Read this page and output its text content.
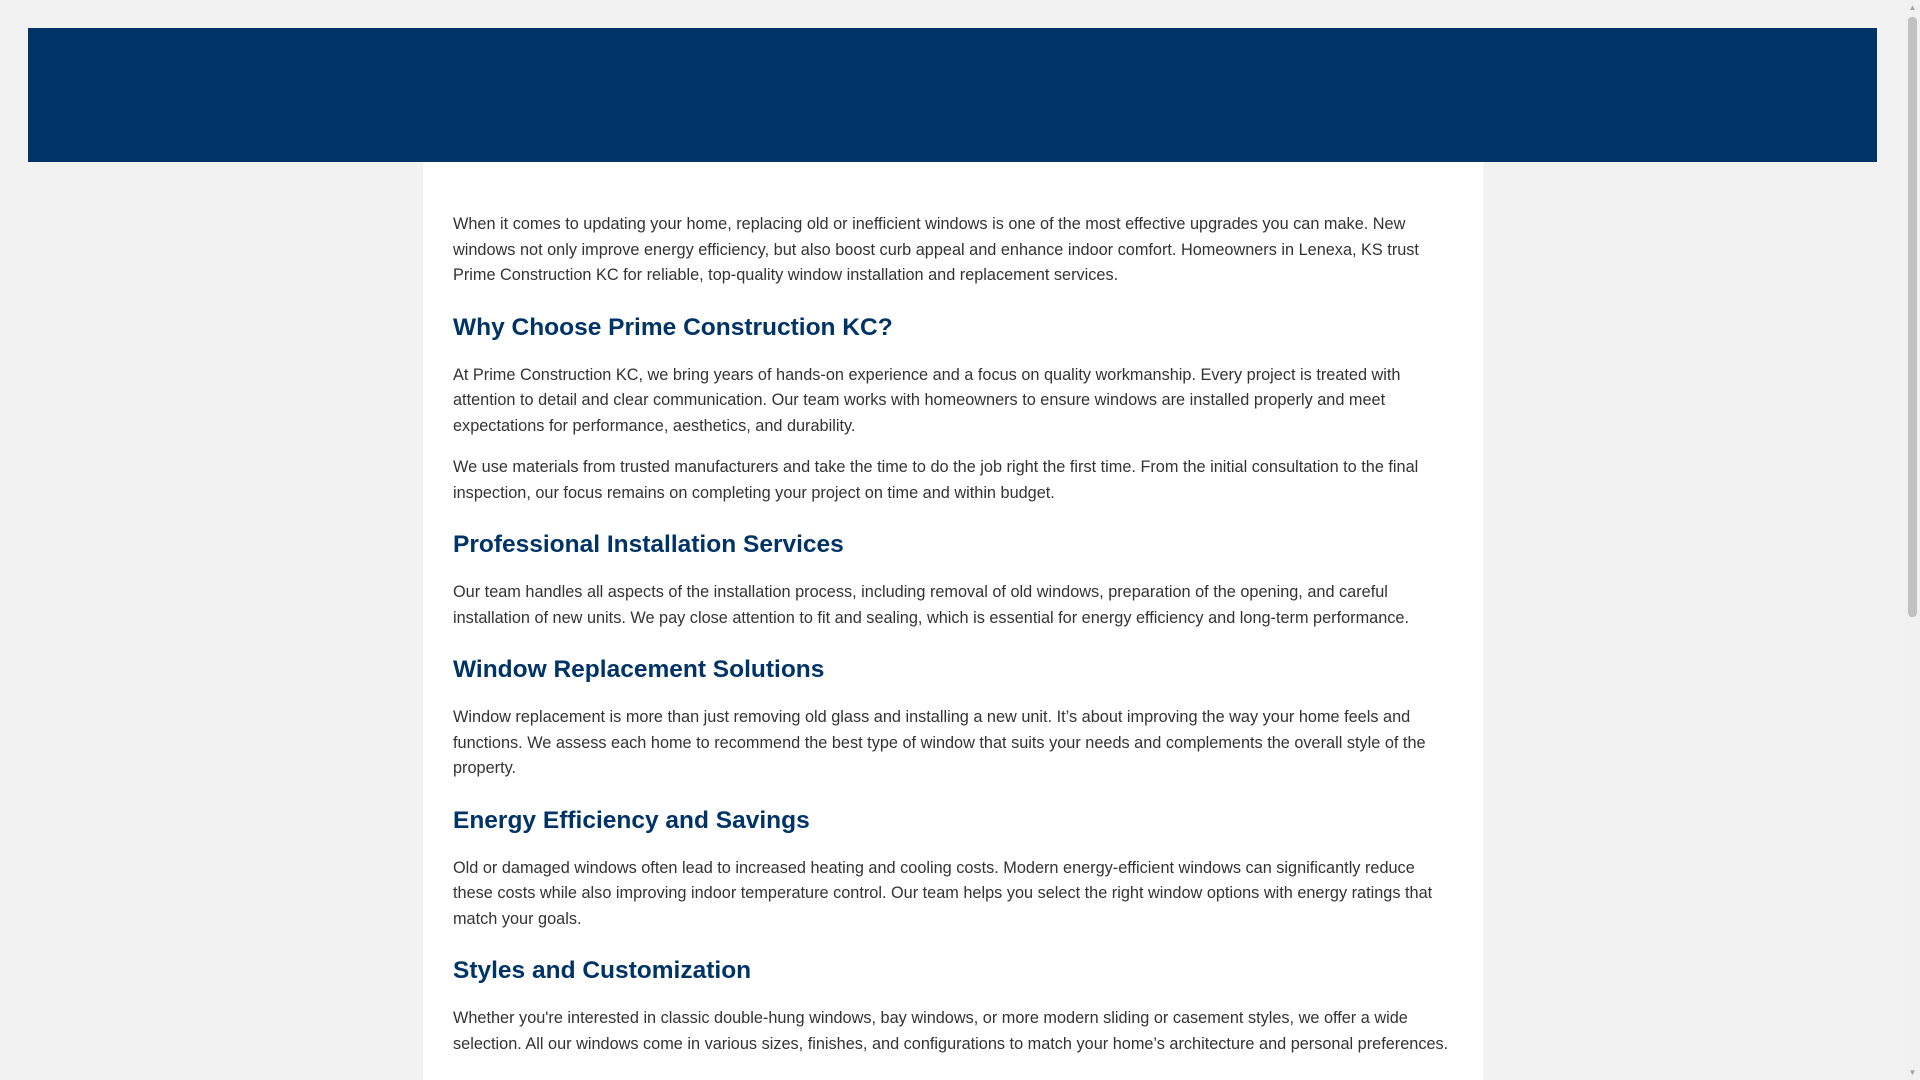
When it comes to updating your home, replacing old or inefficient windows is one of the most effective upgrades you can make. New windows not only improve energy efficiency, but also boost curb appeal and enhance indoor comfort. Homeowners in Lenexa, KS trust Prime Construction KC for reliable, top-quality window installation and replacement services.

Why Choose Prime Construction KC?

At Prime Construction KC, we bring years of hands-on experience and a focus on quality workmanship. Every project is treated with attention to detail and clear communication. Our team works with homeowners to ensure windows are installed properly and meet expectations for performance, aesthetics, and durability.

We use materials from trusted manufacturers and take the time to do the job right the first time. From the initial consultation to the final inspection, our focus remains on completing your project on time and within budget.

Professional Installation Services

Our team handles all aspects of the installation process, including removal of old windows, preparation of the opening, and careful installation of new units. We pay close attention to fit and sealing, which is essential for energy efficiency and long-term performance.

Window Replacement Solutions

Window replacement is more than just removing old glass and installing a new unit. It’s about improving the way your home feels and functions. We assess each home to recommend the best type of window that suits your needs and complements the overall style of the property.

Energy Efficiency and Savings

Old or damaged windows often lead to increased heating and cooling costs. Modern energy-efficient windows can significantly reduce these costs while also improving indoor temperature control. Our team helps you select the right window options with energy ratings that match your goals.

Styles and Customization

Whether you're interested in classic double-hung windows, bay windows, or more modern sliding or casement styles, we offer a wide selection. All our windows come in various sizes, finishes, and configurations to match your home’s architecture and personal preferences.

▲
▼
